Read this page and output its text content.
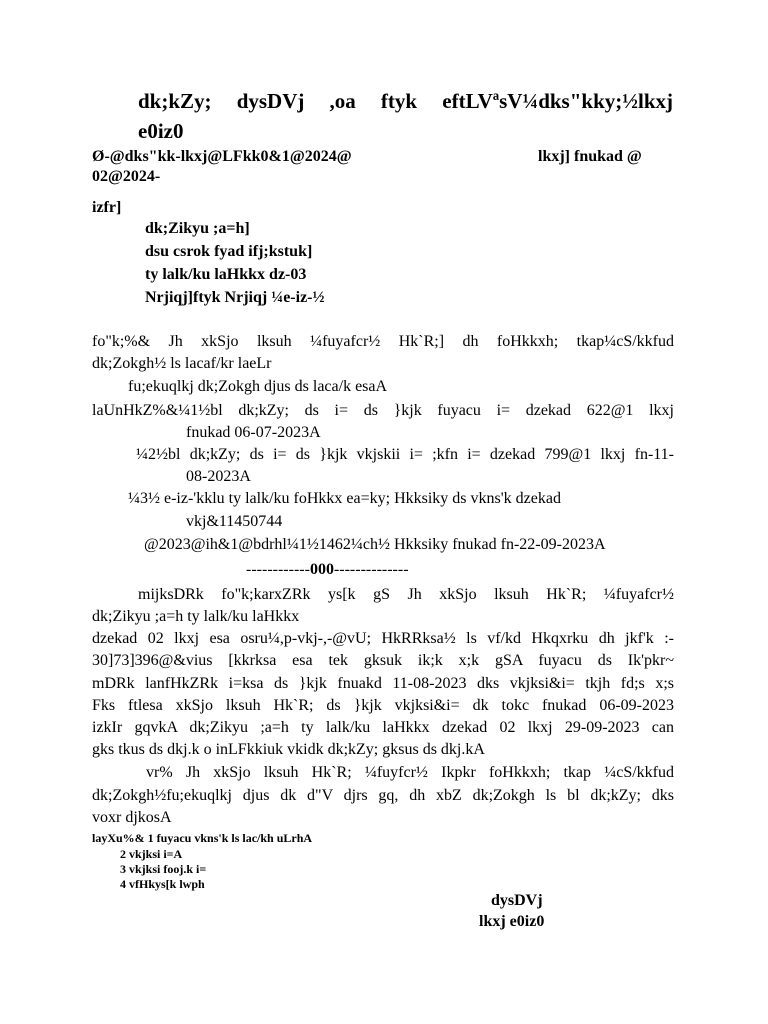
dk;kZy; dysDVj ,oa ftyk eftLVªsV¼dks"kky;½lkxj
e0iz0
Ø-@dks"kk-lkxj@LFkk0&1@2024@	lkxj] fnukad @
02@2024-
izfr]
dk;Zikyu ;a=h]
dsu csrok fyad ifj;kstuk]
ty lalk/ku laHkkx dz-03
Nrjiqj]ftyk Nrjiqj ¼e-iz-½
fo"k;%& Jh xkSjo lksuh ¼fuyafcr½ Hk`R;] dh foHkkxh; tkap¼cS/kkfud
dk;Zokgh½ ls lacaf/kr laeLr
fu;ekuqlkj dk;Zokgh djus ds laca/k esaA
laUnHkZ%&¼1½bl dk;kZy; ds i= ds }kjk fuyacu i= dzekad 622@1 lkxj
fnukad 06-07-2023A
¼2½bl dk;kZy; ds i= ds }kjk vkjskii i= ;kfn i= dzekad 799@1 lkxj fn-11-
08-2023A
¼3½ e-iz-'kklu ty lalk/ku foHkkx ea=ky; Hkksiky ds vkns'k dzekad
vkj&11450744
@2023@ih&1@bdrhl¼1½1462¼ch½ Hkksiky fnukad fn-22-09-2023A
------------000--------------
mijksDRk fo"k;karxZRk ys[k gS Jh xkSjo lksuh Hk`R; ¼fuyafcr½
dk;Zikyu ;a=h ty lalk/ku laHkkx
dzekad 02 lkxj esa osru¼,p-vkj-,-@vU; HkRRksa½ ls vf/kd Hkqxrku dh jkf'k :-
30]73]396@&vius [kkrksa esa tek gksuk ik;k x;k gSA fuyacu ds Ik'pkr~
mDRk lanfHkZRk i=ksa ds }kjk fnuakd 11-08-2023 dks vkjksi&i= tkjh fd;s x;s
Fks ftlesa xkSjo lksuh Hk`R; ds }kjk vkjksi&i= dk tokc fnukad 06-09-2023
izkIr gqvkA dk;Zikyu ;a=h ty lalk/ku laHkkx dzekad 02 lkxj 29-09-2023 can
gks tkus ds dkj.k o inLFkkiuk vkidk dk;kZy; gksus ds dkj.kA
vr% Jh xkSjo lksuh Hk`R; ¼fuyfcr½ Ikpkr foHkkxh; tkap ¼cS/kkfud
dk;Zokgh½fu;ekuqlkj djus dk d"V djrs gq, dh xbZ dk;Zokgh ls bl dk;kZy; dks
voxr djkosA
layXu%& 1 fuyacu vkns'k ls lac/kh uLrhA
2 vkjksi i=A
3 vkjksi fooj.k i=
4 vfHkys[k lwph
dysDVj
lkxj e0iz0
